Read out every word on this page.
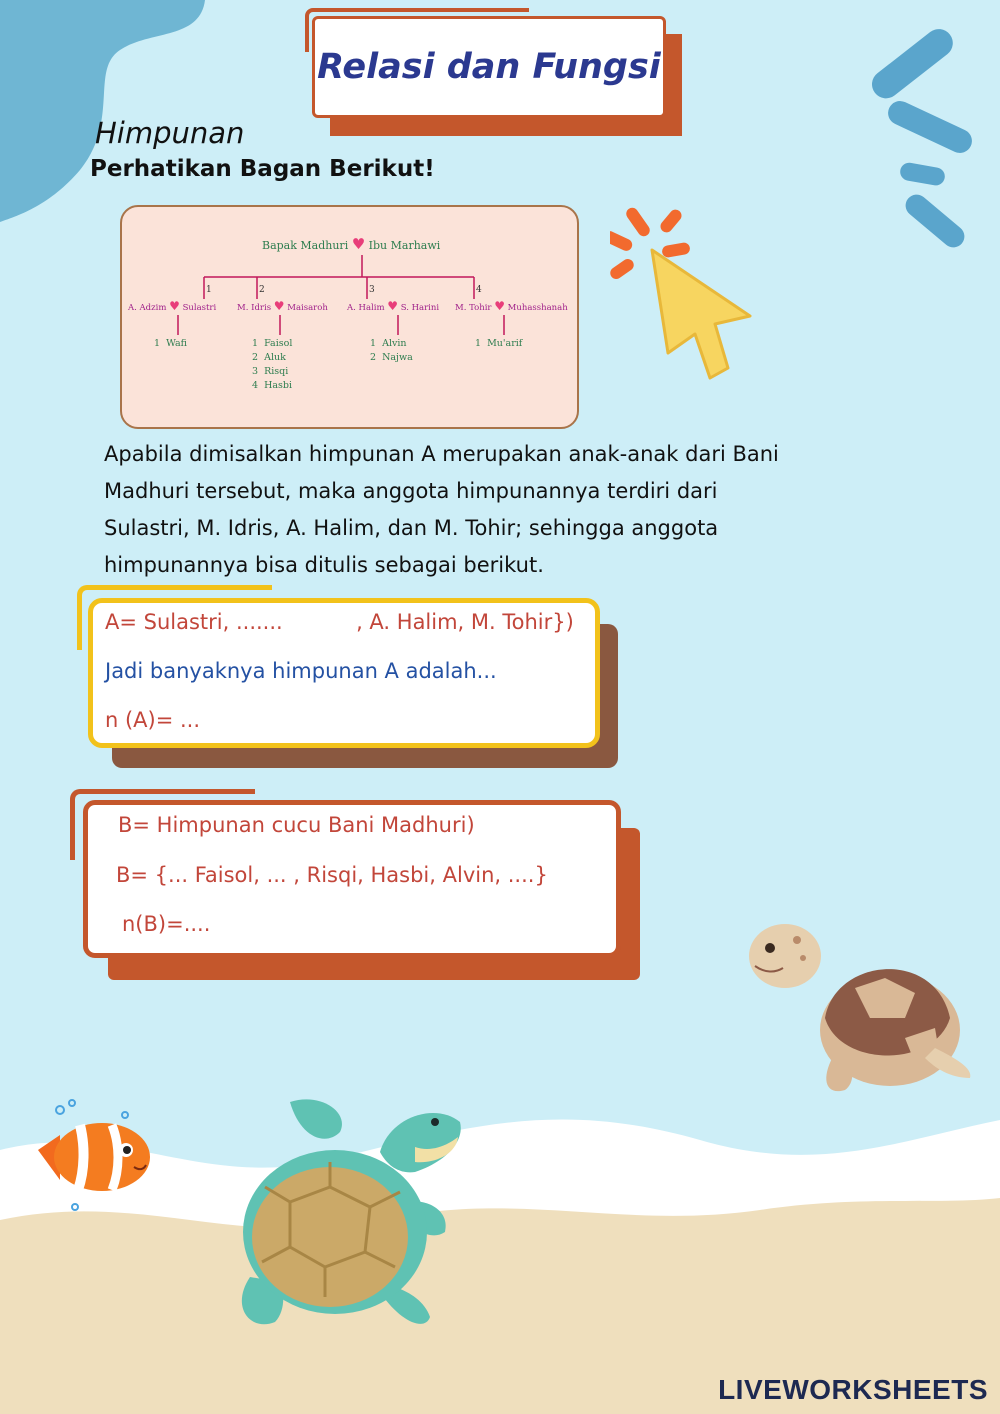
Relasi dan Fungsi
Himpunan
Perhatikan Bagan Berikut!
Bapak Madhuri ♥ Ibu Marhawi
1	2	3	4
A. Adzim ♥ Sulastri M. Idris ♥ Maisaroh A. Halim ♥ S. Harini M. Tohir ♥ Muhasshanah
1  Wafi	1  Faisol
2  Aluk
3  Risqi
4  Hasbi
1  Alvin
2  Najwa
1  Mu'arif
Apabila dimisalkan himpunan A merupakan anak-anak dari Bani Madhuri tersebut, maka anggota himpunannya terdiri dari Sulastri, M. Idris, A. Halim, dan M. Tohir; sehingga anggota himpunannya bisa ditulis sebagai berikut.
A= Sulastri, .......	, A. Halim, M. Tohir})
Jadi banyaknya himpunan A adalah...
n (A)= ...
B= Himpunan cucu Bani Madhuri)
B= {... Faisol, ... , Risqi, Hasbi, Alvin, ....}
n(B)=....
LIVEWORKSHEETS
